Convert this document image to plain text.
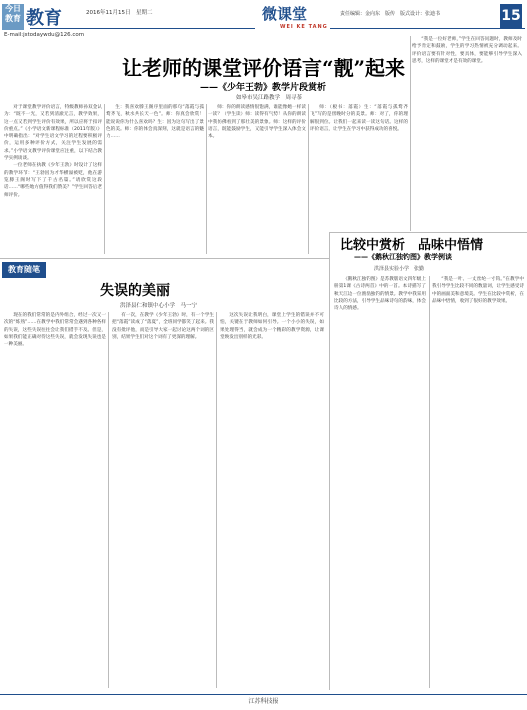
今日教育 教育	2016年11月15日　星期二
E-mail:jstodaywdu@126.com
微课堂
WEI KE TANG
责任编辑：金向东　版传　版式设计：张迪书	15
让老师的课堂评价语言“靓”起来
——《少年王勃》教学片段赏析
如皋市吴江路教学　周寻茶

对于课堂教学评价语言，特级教师孙双金认为：“既不一光，又若到清澈无言，教学效果，这一点又若到学生评价有效果，所以应将于扣评价重点。”《小学语文新课程标准（2011年版）》中明确指出：“对学生语文学习的过程要积极评价，运用多种评价方式，关注学生发展的需求。”小学语文教学评价课堂应注重，以下结合教学实例谈谈。

一位老师在执教《少年王勃》时设计了这样的教学环节：“王勃因为才华横溢被贬，他在游览滕王阁时写下了千古名篇。”请欣赏这段话……“哪些地方值得我们赞美？”学生回答后老师评价。

生：我喜欢滕王阁序里面的那句“落霞与孤鹜齐飞，秋水共长天一色”。师：你真会欣赏！能说说你为什么喜欢吗？生：因为这句写出了景色的美。师：你的体会真深刻，这就是语言的魅力……

师：你的朗读感情很饱满，谁能像她一样读一读？（学生读）师：读得有气势！从你的朗读中我仿佛看到了那壮美的景象。师：这样的评价语言，既能鼓励学生，又能引导学生深入体会文本。

师：（板书：落霞）生：“落霞与孤鹜齐飞”写的是傍晚时分的美景。师：对了，你的理解很到位。让我们一起来读一读这句话。这样的评价语言，让学生在学习中获得成功的喜悦。

“我是一位好老师，”学生在回答问题时，教师及时给予肯定和鼓励，学生的学习热情被充分调动起来。评价语言要有针对性，要具体，要能够引导学生深入思考，这样的课堂才是有效的课堂。

教育随笔
失误的美丽
洪泽县仁和镇中心小学　马一宁

现在的我们常常的是内外组合，经过一次又一次的“炼熟”……在教学中我们常常会遇到各种各样的失误，这些失误往往会让我们措手不及。但是，如果我们能正确对待这些失误，就会发现失误也是一种美丽。

有一次，在教学《少年王勃》时，有一个学生把“落霞”读成了“落夏”，全班同学都笑了起来。我没有批评他，而是引导大家一起讨论这两个词的区别，结果学生们对这个词有了更深的理解。

这次失误让我明白，课堂上学生的错误并不可怕，关键在于教师如何引导。一个小小的失误，如果处理得当，就会成为一个精彩的教学资源，让课堂焕发出别样的光彩。

比较中赏析　品味中悟情
——《鹅秋江独钓图》教学例谈
洪泽县实验小学　张勤

《鹅秋江独钓图》是苏教版语文四年级上册第1课《古诗两首》中的一首。本诗描写了秋天江边一位渔翁独钓的情景。教学中我采用比较的方法，引导学生品味诗句的韵味，体会诗人的情感。

“我是一叶、一丈丝纶一寸钩。”在教学中我引导学生比较不同的数量词，让学生感受诗中的画面美和意境美。学生在比较中赏析，在品味中悟情，收到了很好的教学效果。

江苏科技报
